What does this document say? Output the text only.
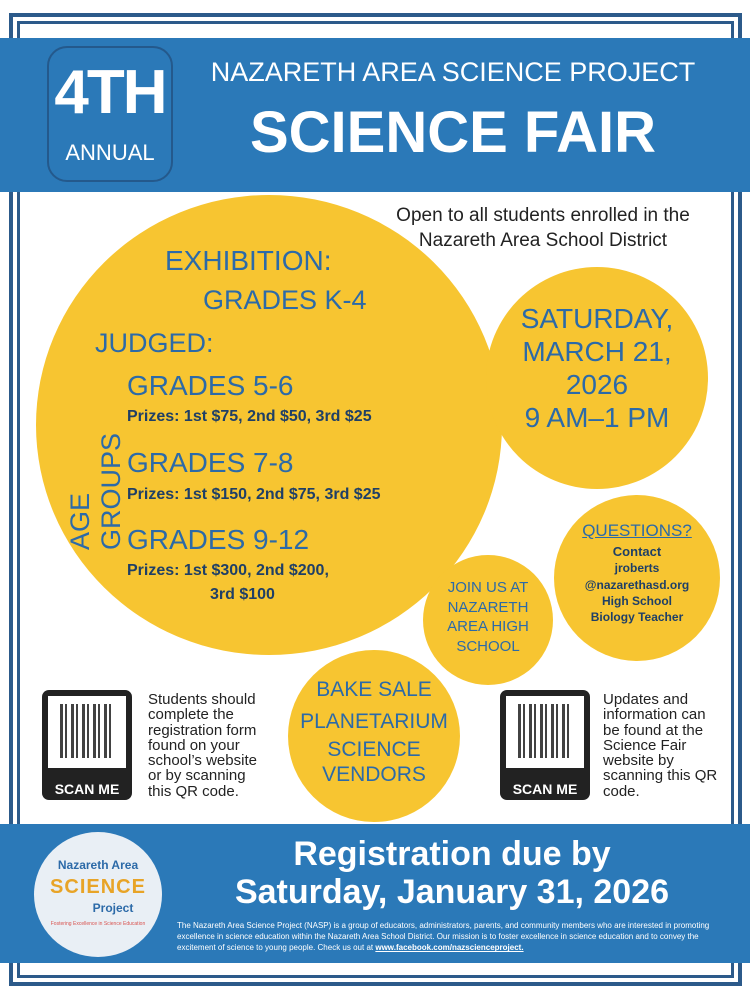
4TH
ANNUAL
NAZARETH AREA SCIENCE PROJECT
SCIENCE FAIR
Open to all students enrolled in the Nazareth Area School District
EXHIBITION:
GRADES K-4
JUDGED:
AGE GROUPS
GRADES 5-6
Prizes: 1st $75, 2nd $50, 3rd $25
GRADES 7-8
Prizes: 1st $150, 2nd $75, 3rd $25
GRADES 9-12
Prizes: 1st $300, 2nd $200,
3rd $100
SATURDAY,
MARCH 21,
2026
9 AM–1 PM
QUESTIONS?
Contact
jroberts
@nazarethasd.org
High School
Biology Teacher
JOIN US AT NAZARETH AREA HIGH SCHOOL
BAKE SALE
PLANETARIUM
SCIENCE
VENDORS
SCAN ME
Students should complete the registration form found on your school’s website or by scanning this QR code.	SCAN ME
Updates and information can be found at the Science Fair website by scanning this QR code.
Nazareth Area
SCIENCE
Project
Fostering Excellence in Science Education
Registration due by
Saturday, January 31, 2026
The Nazareth Area Science Project (NASP) is a group of educators, administrators, parents, and community members who are interested in promoting excellence in science education within the Nazareth Area School District. Our mission is to foster excellence in science education and to convey the excitement of science to young people. Check us out at www.facebook.com/nazscienceproject.
